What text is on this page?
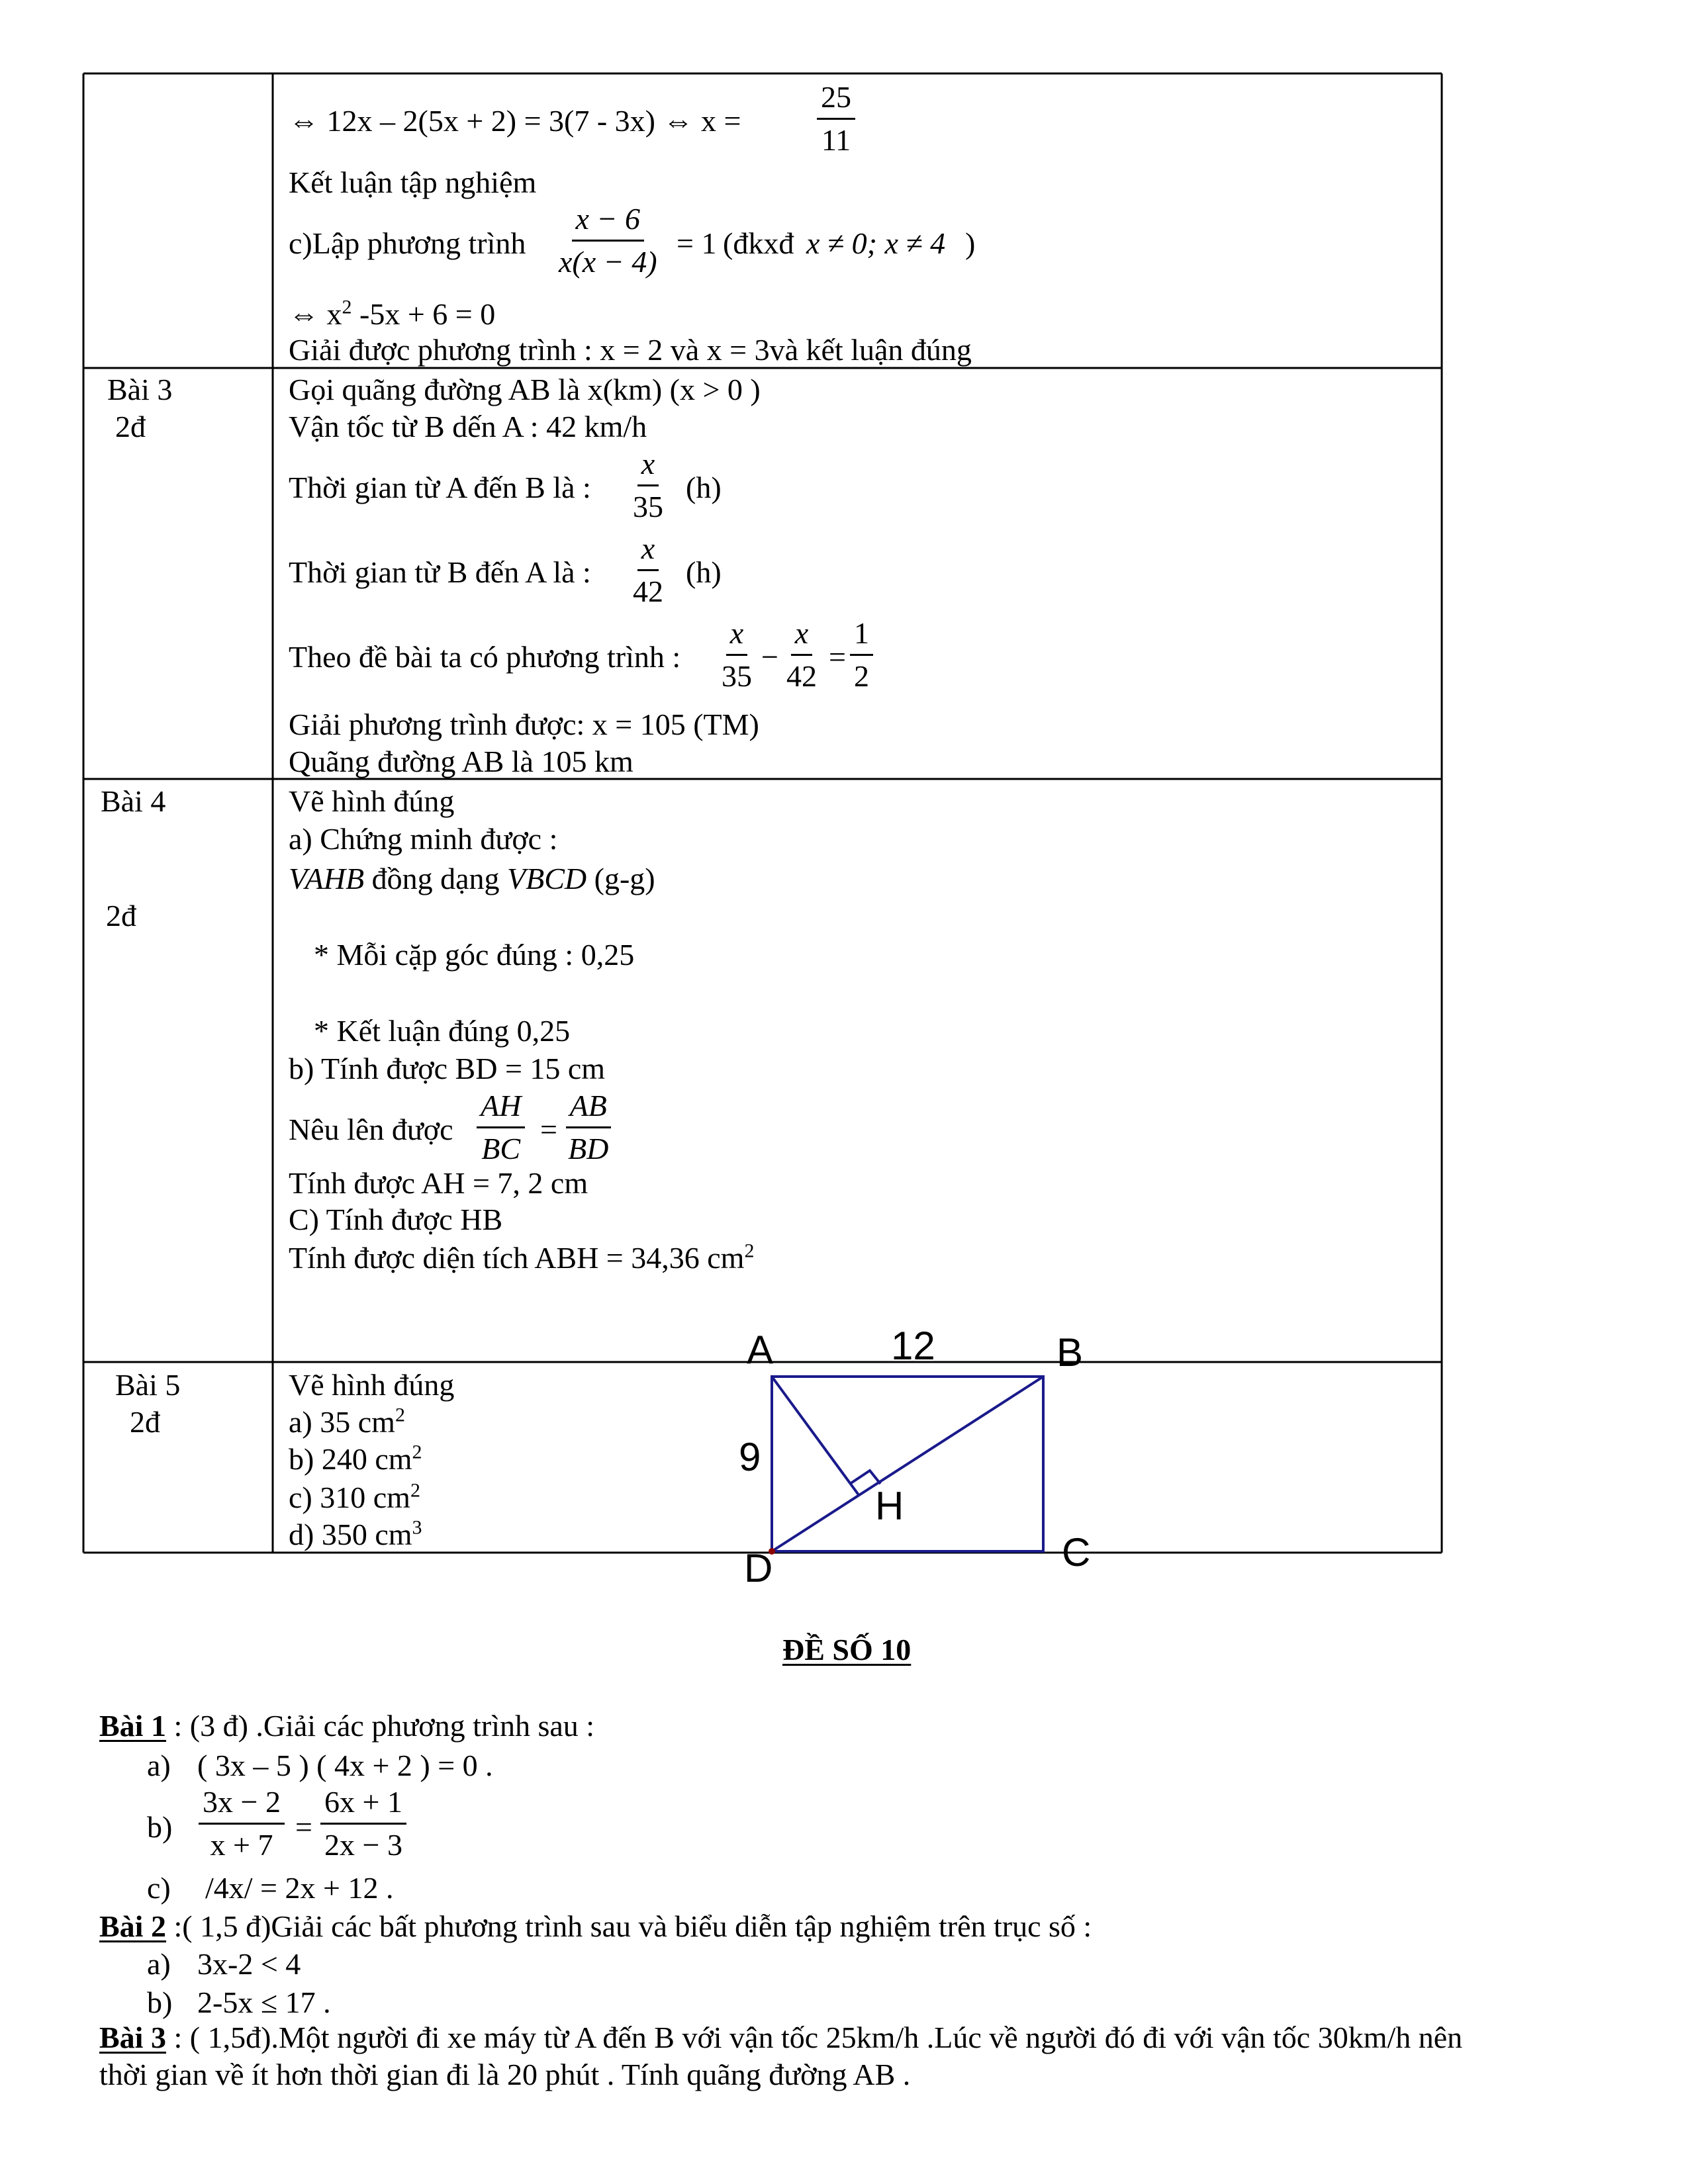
⇔ 12x – 2(5x + 2) = 3(7 - 3x) ⇔ $x = \frac{25}{11}$
Kết luận tập nghiệm
c)Lập phương trình $\frac{x - 6}{x(x - 4)} = 1$ (đkxđ x ≠ 0; x ≠ 4 )
⇔ $x^2$ -5x + 6 = 0
Giải được phương trình : x = 2 và x = 3và kết luận đúng
Bài 3
2đ
Gọi quãng đường AB là x(km) (x > 0 )
Vận tốc từ B dến A : 42 km/h
Thời gian từ A đến B là : $\frac{x}{35} (h)$
Thời gian từ B đến A là : $\frac{x}{42} (h)$
Theo đề bài ta có phương trình : $\frac{x}{35} - \frac{x}{42} = \frac{1}{2}$
Giải phương trình được: x = 105 (TM)
Quãng đường AB là 105 km
Bài 4
2đ
Vẽ hình đúng
a) Chứng minh được :
VAHB đồng dạng VBCD (g-g)
* Mỗi cặp góc đúng : 0,25
* Kết luận đúng 0,25
b) Tính được BD = 15 cm
Nêu lên được $\frac{AH}{BC} = \frac{AB}{BD}$
Tính được AH = 7, 2 cm
C) Tính được HB
Tính được diện tích ABH = 34,36 $cm^2$
Bài 5
2đ
Vẽ hình đúng
a) 35 $cm^2$
b) 240 $cm^2$
c) 310 $cm^2$
d) 350 $cm^3$
A	12	B
9
H
C
D
ĐỀ SỐ 10
Bài 1 : (3 đ) .Giải các phương trình sau :
a) ( 3x – 5 ) ( 4x + 2 ) = 0 .
$b) \frac{3x - 2}{x + 7} = \frac{6x + 1}{2x - 3}$
c) /4x/ = 2x + 12 .
Bài 2 :( 1,5 đ)Giải các bất phương trình sau và biểu diễn tập nghiệm trên trục số :
a) 3x-2 < 4
b) 2-5x ≤ 17 .
Bài 3 : ( 1,5đ).Một người đi xe máy từ A đến B với vận tốc 25km/h .Lúc về người đó đi với vận tốc 30km/h nên
thời gian về ít hơn thời gian đi là 20 phút . Tính quãng đường AB .
